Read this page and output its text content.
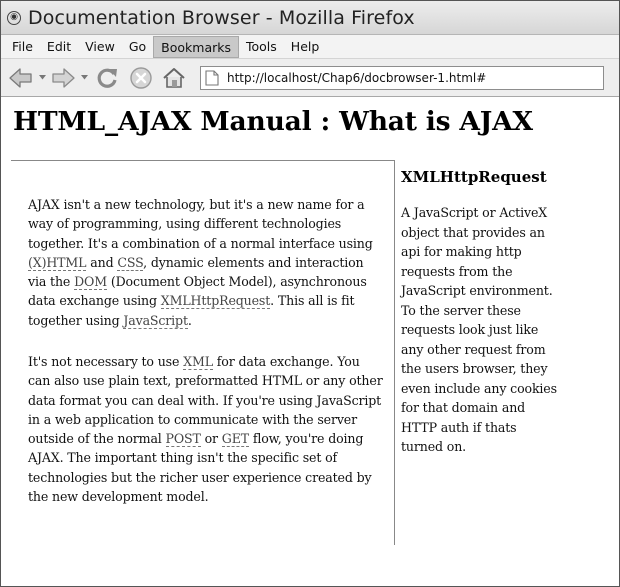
◉ Documentation Browser - Mozilla Firefox
File	Edit	View	Go	Bookmarks	Tools	Help
http://localhost/Chap6/docbrowser-1.html#
HTML_AJAX Manual : What is AJAX

AJAX isn't a new technology, but it's a new name for a way of programming, using different technologies together. It's a combination of a normal interface using (X)HTML and CSS, dynamic elements and interaction via the DOM (Document Object Model), asynchronous data exchange using XMLHttpRequest. This all is fit together using JavaScript.

It's not necessary to use XML for data exchange. You can also use plain text, preformatted HTML or any other data format you can deal with. If you're using JavaScript in a web application to communicate with the server outside of the normal POST or GET flow, you're doing AJAX. The important thing isn't the specific set of technologies but the richer user experience created by the new development model.

XMLHttpRequest

A JavaScript or ActiveX object that provides an api for making http requests from the JavaScript environment. To the server these requests look just like any other request from the users browser, they even include any cookies for that domain and HTTP auth if thats turned on.
